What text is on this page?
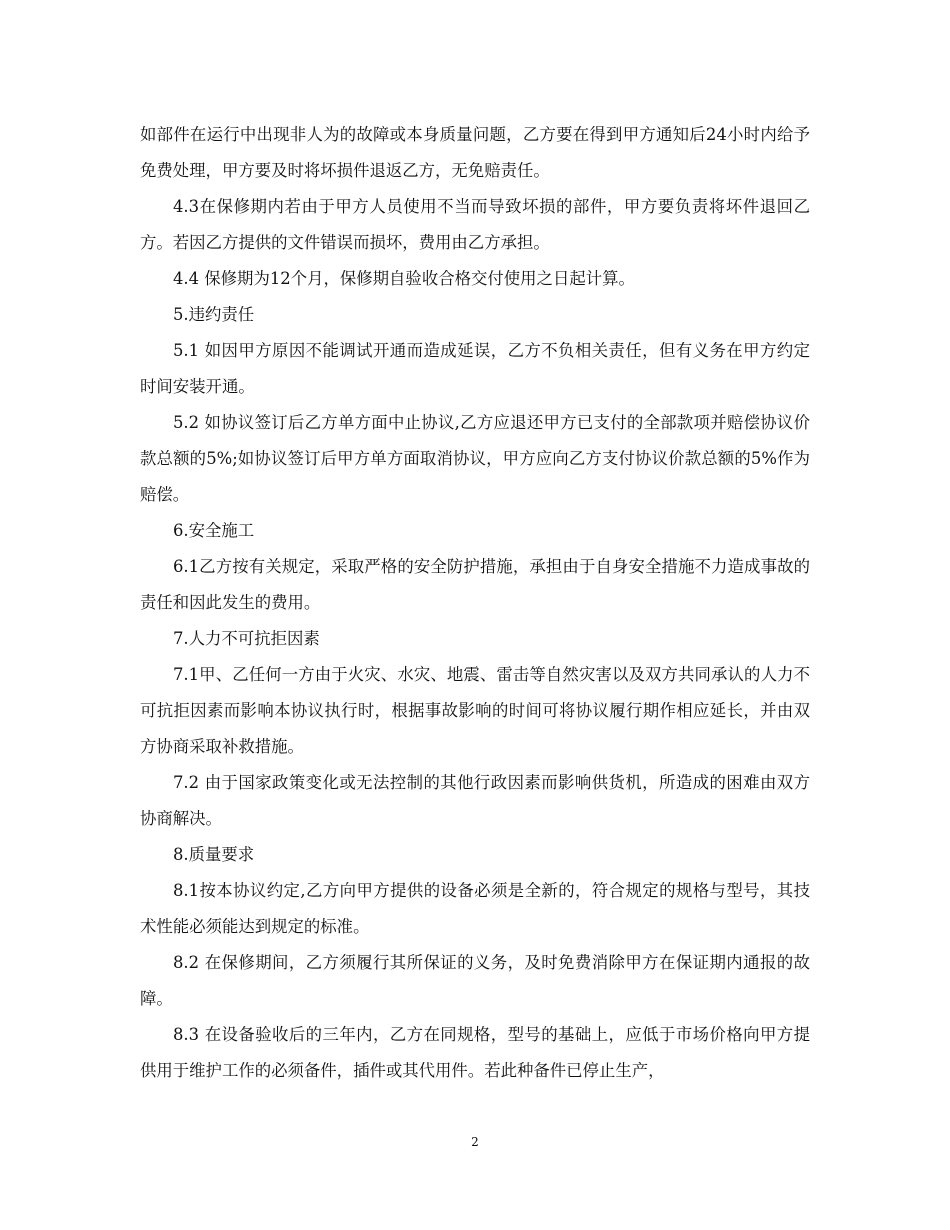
如部件在运行中出现非人为的故障或本身质量问题，乙方要在得到甲方通知后24小时内给予免费处理，甲方要及时将坏损件退返乙方，无免赔责任。

4.3在保修期内若由于甲方人员使用不当而导致坏损的部件，甲方要负责将坏件退回乙方。若因乙方提供的文件错误而损坏，费用由乙方承担。

4.4 保修期为12个月，保修期自验收合格交付使用之日起计算。

5.违约责任

5.1 如因甲方原因不能调试开通而造成延误，乙方不负相关责任，但有义务在甲方约定时间安装开通。

5.2 如协议签订后乙方单方面中止协议,乙方应退还甲方已支付的全部款项并赔偿协议价款总额的5%;如协议签订后甲方单方面取消协议，甲方应向乙方支付协议价款总额的5%作为赔偿。

6.安全施工

6.1乙方按有关规定，采取严格的安全防护措施，承担由于自身安全措施不力造成事故的责任和因此发生的费用。

7.人力不可抗拒因素

7.1甲、乙任何一方由于火灾、水灾、地震、雷击等自然灾害以及双方共同承认的人力不可抗拒因素而影响本协议执行时，根据事故影响的时间可将协议履行期作相应延长，并由双方协商采取补救措施。

7.2 由于国家政策变化或无法控制的其他行政因素而影响供货机，所造成的困难由双方协商解决。

8.质量要求

8.1按本协议约定,乙方向甲方提供的设备必须是全新的，符合规定的规格与型号，其技术性能必须能达到规定的标准。

8.2 在保修期间，乙方须履行其所保证的义务，及时免费消除甲方在保证期内通报的故障。

8.3 在设备验收后的三年内，乙方在同规格，型号的基础上，应低于市场价格向甲方提供用于维护工作的必须备件，插件或其代用件。若此种备件已停止生产，

2
